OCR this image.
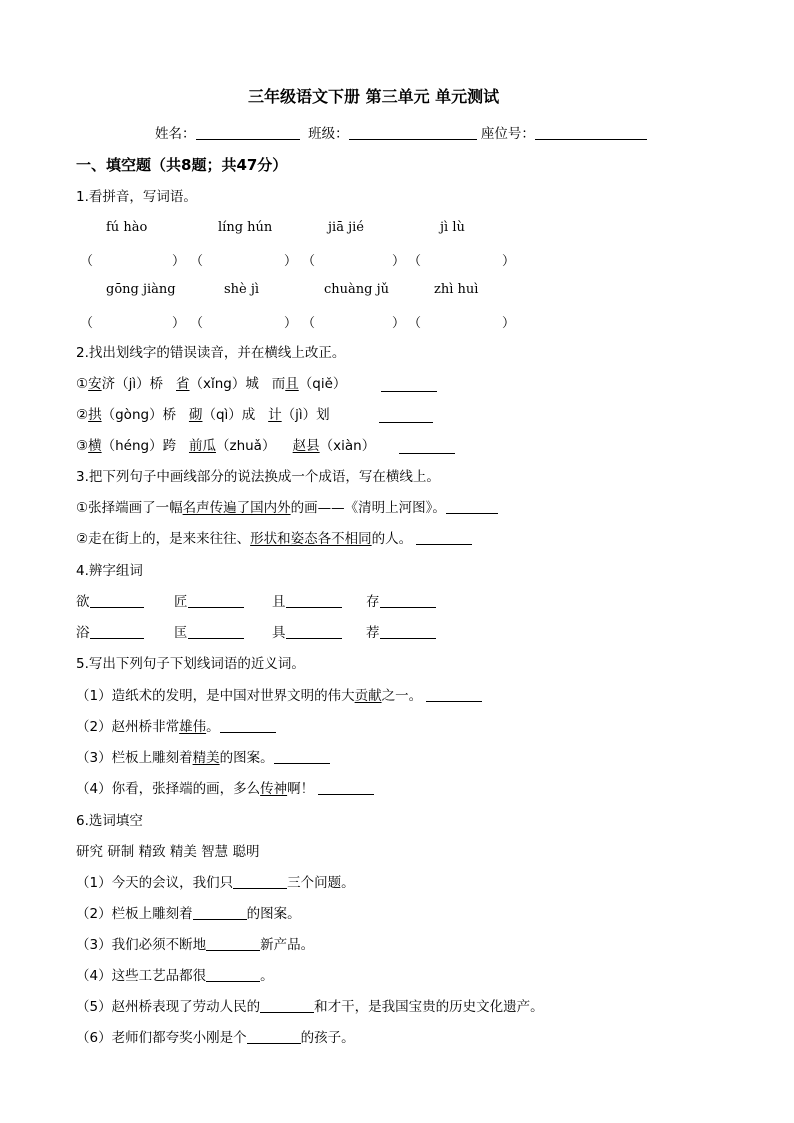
三年级语文下册 第三单元 单元测试
姓名：	班级：	座位号：
一、填空题（共8题；共47分）
1.看拼音，写词语。
fú hào	líng hún	jiā jié	jì lù
（	） （	） （	） （	）
gōng jiàng	shè jì	chuàng jǔ	zhì huì
（	） （	） （	） （	）
2.找出划线字的错误读音，并在横线上改正。
①安济（jì）桥 省（xǐng）城 而且（qiě）
②拱（gòng）桥 砌（qì）成 计（jì）划
③横（héng）跨 前瓜（zhuǎ） 赵县（xiàn）
3.把下列句子中画线部分的说法换成一个成语，写在横线上。
①张择端画了一幅名声传遍了国内外的画——《清明上河图》。
②走在街上的，是来来往往、形状和姿态各不相同的人。
4.辨字组词
欲	匠	且	存
浴	匡	具	荐
5.写出下列句子下划线词语的近义词。
（1）造纸术的发明，是中国对世界文明的伟大贡献之一。
（2）赵州桥非常雄伟。
（3）栏板上雕刻着精美的图案。
（4）你看，张择端的画，多么传神啊！
6.选词填空
研究 研制 精致 精美 智慧 聪明
（1）今天的会议，我们只	三个问题。
（2）栏板上雕刻着	的图案。
（3）我们必须不断地	新产品。
（4）这些工艺品都很	。
（5）赵州桥表现了劳动人民的	和才干，是我国宝贵的历史文化遗产。
（6）老师们都夸奖小刚是个	的孩子。
